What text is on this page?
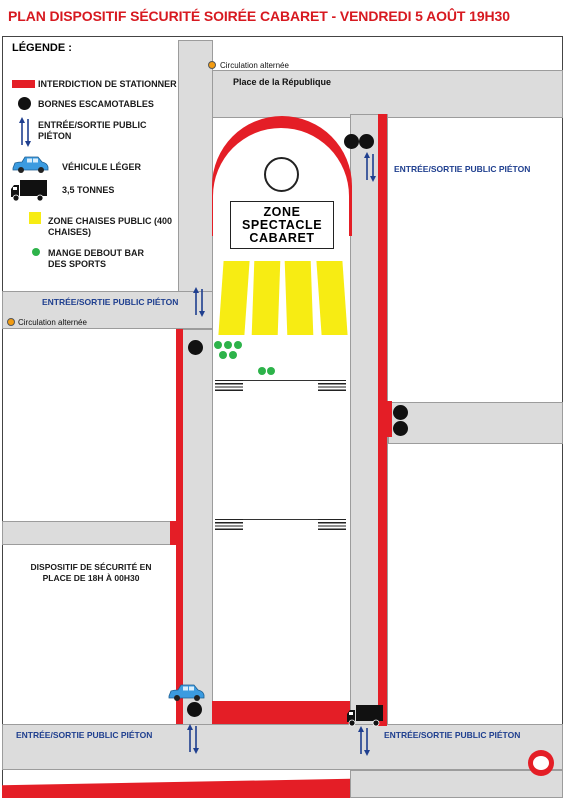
PLAN DISPOSITIF SÉCURITÉ SOIRÉE CABARET - VENDREDI 5 AOÛT 19H30
ZONE SPECTACLE CABARET
Circulation alternée
Place de la République
Circulation alternée
ENTRÉE/SORTIE PUBLIC PIÉTON
ENTRÉE/SORTIE PUBLIC PIÉTON
ENTRÉE/SORTIE PUBLIC PIÉTON	ENTRÉE/SORTIE PUBLIC PIÉTON
DISPOSITIF DE SÉCURITÉ EN PLACE DE 18H À 00H30
LÉGENDE :
INTERDICTION DE STATIONNER
BORNES ESCAMOTABLES
ENTRÉE/SORTIE PUBLIC PIÉTON
VÉHICULE LÉGER
3,5 TONNES
ZONE CHAISES PUBLIC (400 CHAISES)
MANGE DEBOUT BAR DES SPORTS
